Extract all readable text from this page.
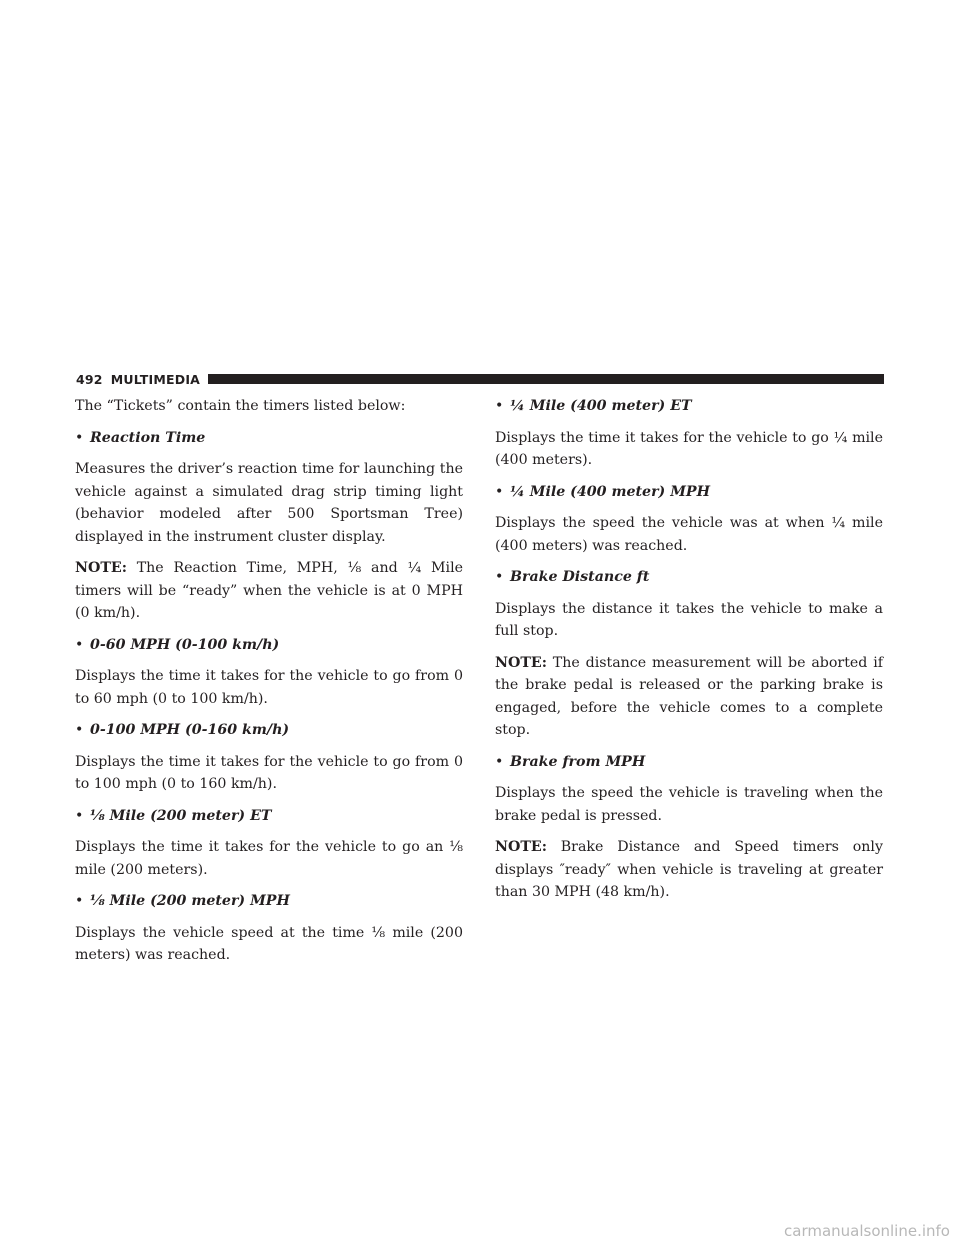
492 MULTIMEDIA

The “Tickets” contain the timers listed below:

• Reaction Time

Measures the driver’s reaction time for launching the vehicle against a simulated drag strip timing light (behavior modeled after 500 Sportsman Tree) displayed in the instrument cluster display.

NOTE: The Reaction Time, MPH, ⅛ and ¼ Mile timers will be “ready” when the vehicle is at 0 MPH (0 km/h).

• 0-60 MPH (0-100 km/h)

Displays the time it takes for the vehicle to go from 0 to 60 mph (0 to 100 km/h).

• 0-100 MPH (0-160 km/h)

Displays the time it takes for the vehicle to go from 0 to 100 mph (0 to 160 km/h).

• ⅛ Mile (200 meter) ET

Displays the time it takes for the vehicle to go an ⅛ mile (200 meters).

• ⅛ Mile (200 meter) MPH

Displays the vehicle speed at the time ⅛ mile (200 meters) was reached.

• ¼ Mile (400 meter) ET

Displays the time it takes for the vehicle to go ¼ mile (400 meters).

• ¼ Mile (400 meter) MPH

Displays the speed the vehicle was at when ¼ mile (400 meters) was reached.

• Brake Distance ft

Displays the distance it takes the vehicle to make a full stop.

NOTE: The distance measurement will be aborted if the brake pedal is released or the parking brake is engaged, before the vehicle comes to a complete stop.

• Brake from MPH

Displays the speed the vehicle is traveling when the brake pedal is pressed.

NOTE: Brake Distance and Speed timers only displays ″ready″ when vehicle is traveling at greater than 30 MPH (48 km/h).

carmanualsonline.info
